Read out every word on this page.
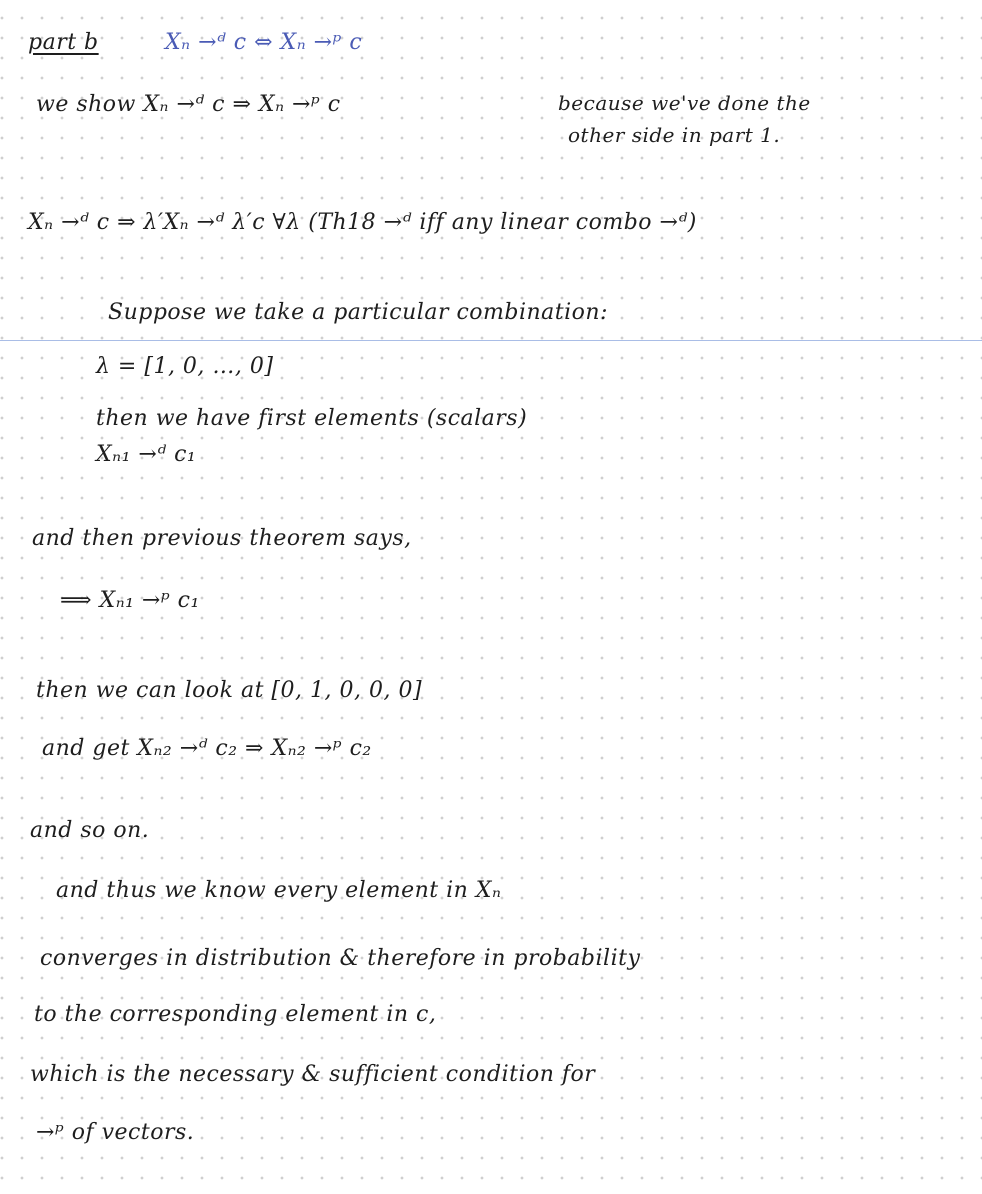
part b	Xₙ →ᵈ c ⇔ Xₙ →ᵖ c
we show Xₙ →ᵈ c ⇒ Xₙ →ᵖ c	because we've done the
other side in part 1.
Xₙ →ᵈ c ⇒ λ′Xₙ →ᵈ λ′c ∀λ (Th18 →ᵈ iff any linear combo →ᵈ)
Suppose we take a particular combination:
λ = [1, 0, …, 0]
then we have first elements (scalars)
Xₙ₁ →ᵈ c₁
and then previous theorem says,
⟹ Xₙ₁ →ᵖ c₁
then we can look at [0, 1, 0, 0, 0]
and get Xₙ₂ →ᵈ c₂ ⇒ Xₙ₂ →ᵖ c₂
and so on.
and thus we know every element in Xₙ
converges in distribution & therefore in probability
to the corresponding element in c,
which is the necessary & sufficient condition for
→ᵖ of vectors.
